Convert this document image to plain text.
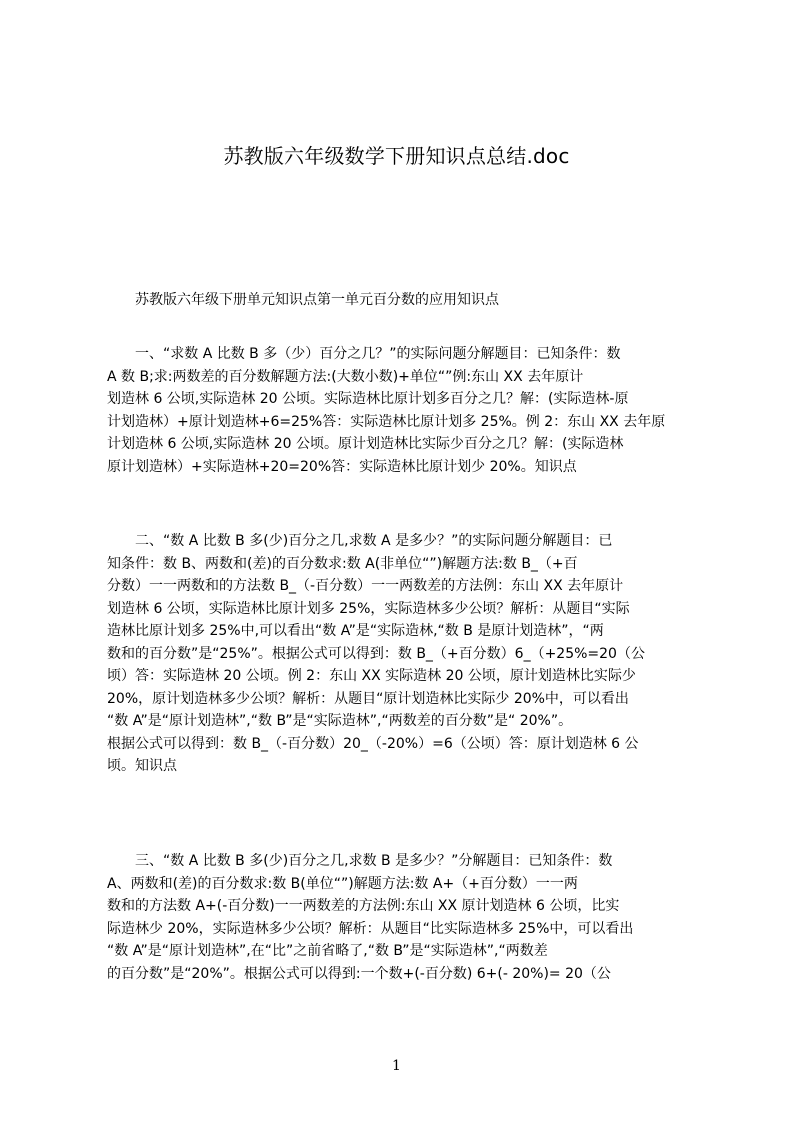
苏教版六年级数学下册知识点总结.doc
苏教版六年级下册单元知识点第一单元百分数的应用知识点
一、“求数 A 比数 B 多（少）百分之几？”的实际问题分解题目：已知条件：数
A 数 B;求:两数差的百分数解题方法:(大数小数)+单位“”例:东山 XX 去年原计
划造林 6 公顷,实际造林 20 公顷。实际造林比原计划多百分之几？解：(实际造林-原
计划造林）+原计划造林+6=25%答：实际造林比原计划多 25%。例 2：东山 XX 去年原
计划造林 6 公顷,实际造林 20 公顷。原计划造林比实际少百分之几？解：(实际造林
原计划造林）+实际造林+20=20%答：实际造林比原计划少 20%。知识点
二、“数 A 比数 B 多(少)百分之几,求数 A 是多少？”的实际问题分解题目：已
知条件：数 B、两数和(差)的百分数求:数 A(非单位“”)解题方法:数 B_（+百
分数）一一两数和的方法数 B_（-百分数）一一两数差的方法例：东山 XX 去年原计
划造林 6 公顷，实际造林比原计划多 25%，实际造林多少公顷？解析：从题目“实际
造林比原计划多 25%中,可以看出“数 A”是“实际造林,“数 B 是原计划造林”，“两
数和的百分数”是“25%”。根据公式可以得到：数 B_（+百分数）6_（+25%=20（公
顷）答：实际造林 20 公顷。例 2：东山 XX 实际造林 20 公顷，原计划造林比实际少
20%，原计划造林多少公顷？解析：从题目“原计划造林比实际少 20%中，可以看出
“数 A”是“原计划造林”,“数 B”是“实际造林”,“两数差的百分数”是“ 20%”。
根据公式可以得到：数 B_（-百分数）20_（-20%）=6（公顷）答：原计划造林 6 公
顷。知识点
三、“数 A 比数 B 多(少)百分之几,求数 B 是多少？”分解题目：已知条件：数
A、两数和(差)的百分数求:数 B(单位“”)解题方法:数 A+（+百分数）一一两
数和的方法数 A+(-百分数)一一两数差的方法例:东山 XX 原计划造林 6 公顷，比实
际造林少 20%，实际造林多少公顷？解析：从题目“比实际造林多 25%中，可以看出
“数 A”是“原计划造林”,在“比”之前省略了,“数 B”是“实际造林”,“两数差
的百分数”是“20%”。根据公式可以得到:一个数+(-百分数) 6+(- 20%)= 20（公
1
